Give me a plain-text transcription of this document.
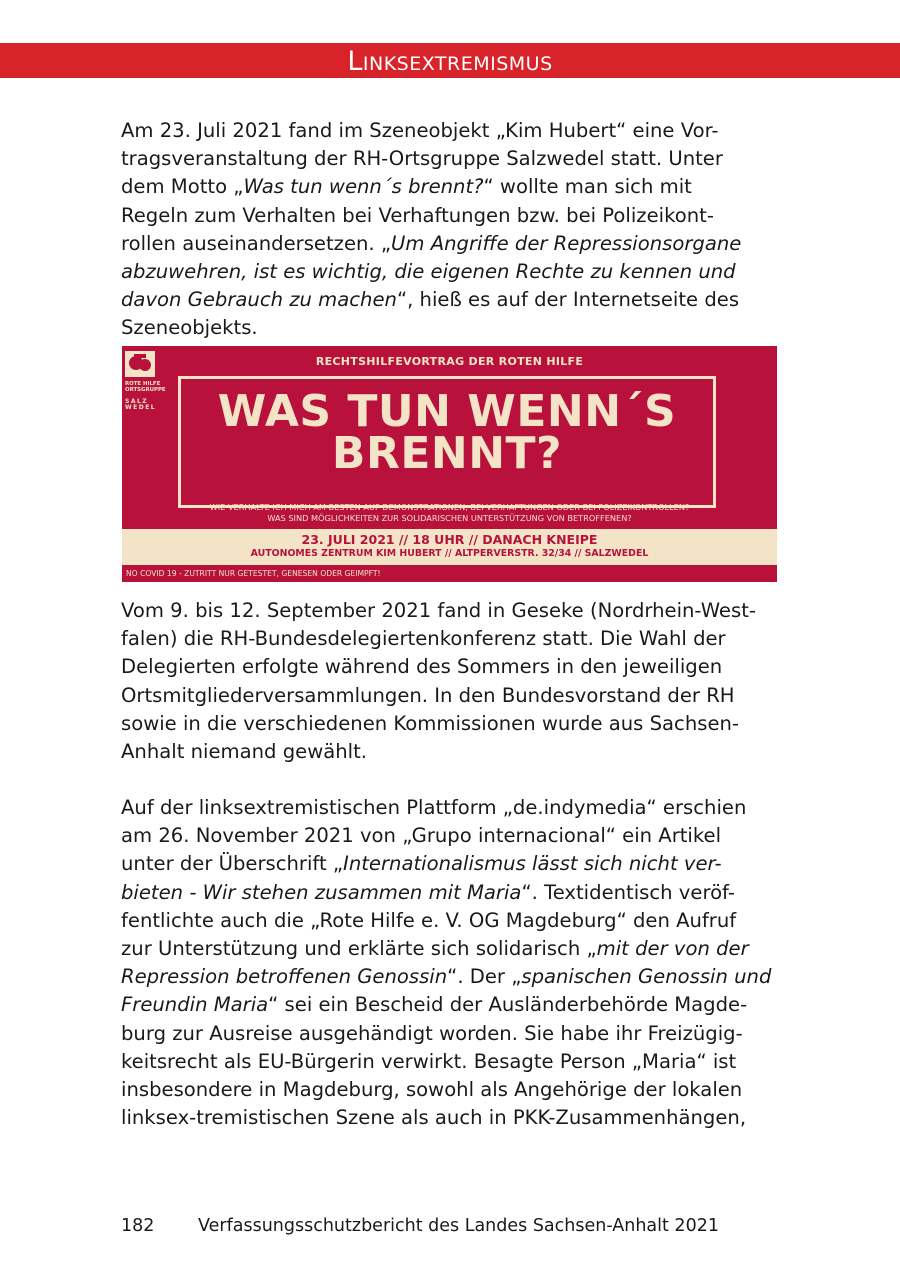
Linksextremismus
Am 23. Juli 2021 fand im Szeneobjekt „Kim Hubert“ eine Vor-
tragsveranstaltung der RH-Ortsgruppe Salzwedel statt. Unter
dem Motto „Was tun wenn´s brennt?“ wollte man sich mit
Regeln zum Verhalten bei Verhaftungen bzw. bei Polizeikont-
rollen auseinandersetzen. „Um Angriffe der Repressionsorgane
abzuwehren, ist es wichtig, die eigenen Rechte zu kennen und
davon Gebrauch zu machen“, hieß es auf der Internetseite des
Szeneobjekts.
ROTE HILFE ORTSGRUPPE
SALZ WEDEL
RECHTSHILFEVORTRAG DER ROTEN HILFE
WAS TUN WENN´S
BRENNT?
WIE VERHALTE ICH MICH AM BESTEN AUF DEMONSTRATIONEN, BEI VERHAFTUNGEN ODER BEI POLIZEIKONTROLLEN?
WAS SIND MÖGLICHKEITEN ZUR SOLIDARISCHEN UNTERSTÜTZUNG VON BETROFFENEN?
23. JULI 2021 // 18 UHR // DANACH KNEIPE
AUTONOMES ZENTRUM KIM HUBERT // ALTPERVERSTR. 32/34 // SALZWEDEL
NO COVID 19 - ZUTRITT NUR GETESTET, GENESEN ODER GEIMPFT!
Vom 9. bis 12. September 2021 fand in Geseke (Nordrhein-West-
falen) die RH-Bundesdelegiertenkonferenz statt. Die Wahl der
Delegierten erfolgte während des Sommers in den jeweiligen
Ortsmitgliederversammlungen. In den Bundesvorstand der RH
sowie in die verschiedenen Kommissionen wurde aus Sachsen-
Anhalt niemand gewählt.
Auf der linksextremistischen Plattform „de.indymedia“ erschien
am 26. November 2021 von „Grupo internacional“ ein Artikel
unter der Überschrift „Internationalismus lässt sich nicht ver-
bieten - Wir stehen zusammen mit Maria“. Textidentisch veröf-
fentlichte auch die „Rote Hilfe e. V. OG Magdeburg“ den Aufruf
zur Unterstützung und erklärte sich solidarisch „mit der von der
Repression betroffenen Genossin“. Der „spanischen Genossin und
Freundin Maria“ sei ein Bescheid der Ausländerbehörde Magde-
burg zur Ausreise ausgehändigt worden. Sie habe ihr Freizügig-
keitsrecht als EU-Bürgerin verwirkt. Besagte Person „Maria“ ist
insbesondere in Magdeburg, sowohl als Angehörige der lokalen
linksex-tremistischen Szene als auch in PKK-Zusammenhängen,
182 Verfassungsschutzbericht des Landes Sachsen-Anhalt 2021
